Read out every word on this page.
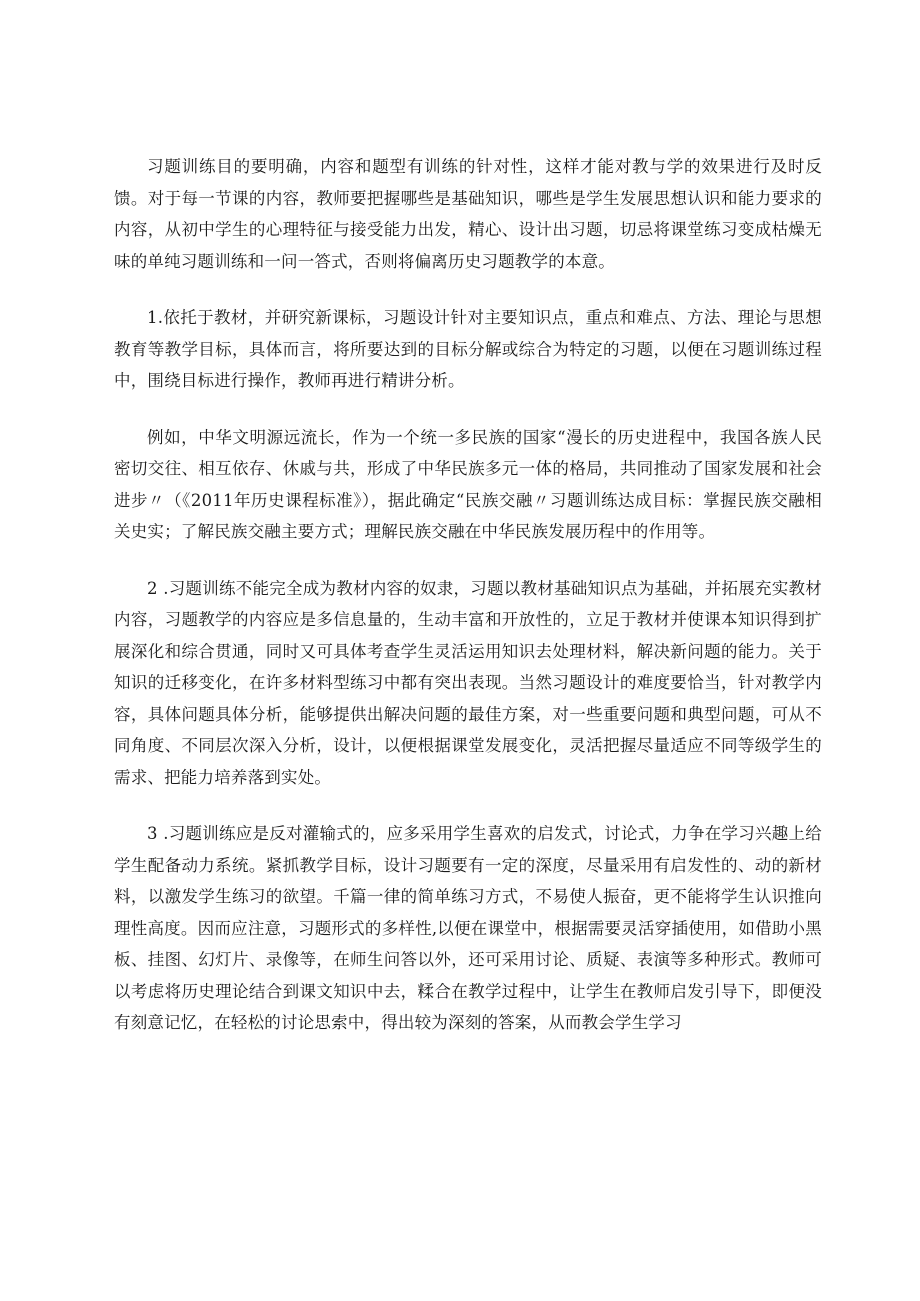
习题训练目的要明确，内容和题型有训练的针对性，这样才能对教与学的效果进行及时反馈。对于每一节课的内容，教师要把握哪些是基础知识，哪些是学生发展思想认识和能力要求的内容，从初中学生的心理特征与接受能力出发，精心、设计出习题，切忌将课堂练习变成枯燥无味的单纯习题训练和一问一答式，否则将偏离历史习题教学的本意。

1.依托于教材，并研究新课标，习题设计针对主要知识点，重点和难点、方法、理论与思想教育等教学目标，具体而言，将所要达到的目标分解或综合为特定的习题，以便在习题训练过程中，围绕目标进行操作，教师再进行精讲分析。

例如，中华文明源远流长，作为一个统一多民族的国家“漫长的历史进程中，我国各族人民密切交往、相互依存、休戚与共，形成了中华民族多元一体的格局，共同推动了国家发展和社会进步〃（《2011年历史课程标准》），据此确定“民族交融〃习题训练达成目标：掌握民族交融相关史实；了解民族交融主要方式；理解民族交融在中华民族发展历程中的作用等。

2 .习题训练不能完全成为教材内容的奴隶，习题以教材基础知识点为基础，并拓展充实教材内容，习题教学的内容应是多信息量的，生动丰富和开放性的，立足于教材并使课本知识得到扩展深化和综合贯通，同时又可具体考查学生灵活运用知识去处理材料，解决新问题的能力。关于知识的迁移变化，在许多材料型练习中都有突出表现。当然习题设计的难度要恰当，针对教学内容，具体问题具体分析，能够提供出解决问题的最佳方案，对一些重要问题和典型问题，可从不同角度、不同层次深入分析，设计，以便根据课堂发展变化，灵活把握尽量适应不同等级学生的需求、把能力培养落到实处。

3 .习题训练应是反对灌输式的，应多采用学生喜欢的启发式，讨论式，力争在学习兴趣上给学生配备动力系统。紧抓教学目标，设计习题要有一定的深度，尽量采用有启发性的、动的新材料，以激发学生练习的欲望。千篇一律的简单练习方式，不易使人振奋，更不能将学生认识推向理性高度。因而应注意，习题形式的多样性,以便在课堂中，根据需要灵活穿插使用，如借助小黑板、挂图、幻灯片、录像等，在师生问答以外，还可采用讨论、质疑、表演等多种形式。教师可以考虑将历史理论结合到课文知识中去，糅合在教学过程中，让学生在教师启发引导下，即便没有刻意记忆，在轻松的讨论思索中，得出较为深刻的答案，从而教会学生学习
